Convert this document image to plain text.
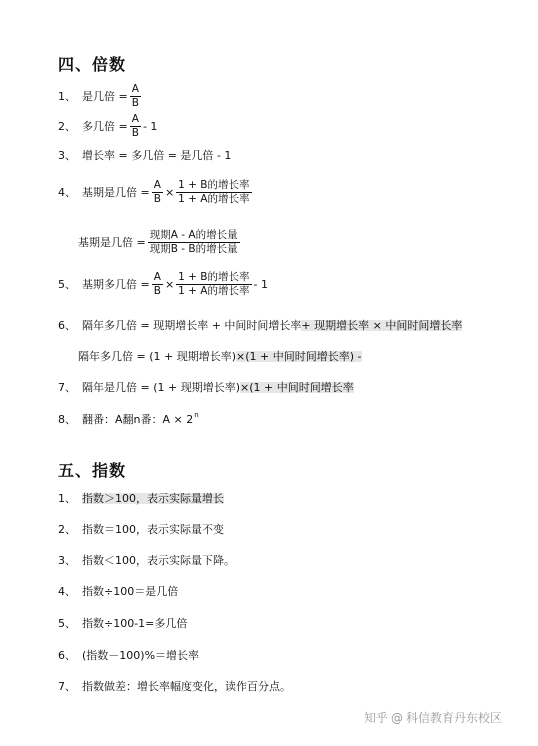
四、倍数
1、 是几倍 = $\frac{A}{B}$
2、 多几倍 = $\frac{A}{B} - 1$
3、 增长率 = 多几倍 = 是几倍 - 1
4、 基期是几倍 = $\frac{A}{B} \times \frac{\text{1 + B的增长率}}{\text{1 + A的增长率}}$
基期是几倍 = $\frac{\text{现期A - A的增长量}}{\text{现期B - B的增长量}}$
5、 基期多几倍 = $\frac{A}{B} \times \frac{\text{1 + B的增长率}}{\text{1 + A的增长率}} - 1$
6、 隔年多几倍 = 现期增长率 + 中间时间增长率 + 现期增长率 × 中间时间增长率
隔年多几倍 = (1 + 现期增长率) ×(1 + 中间时间增长率) -
7、 隔年是几倍 = (1 + 现期增长率) ×(1 + 中间时间增长率
8、 翻番：A翻n番：A × 2 n
五、指数
1、 指数＞100，表示实际量增长
2、 指数＝100，表示实际量不变
3、 指数＜100，表示实际量下降。
4、 指数÷100＝是几倍
5、 指数÷100-1=多几倍
6、 (指数－100)%＝增长率
7、 指数做差：增长率幅度变化，读作百分点。
知乎 @ 科信教育丹东校区
